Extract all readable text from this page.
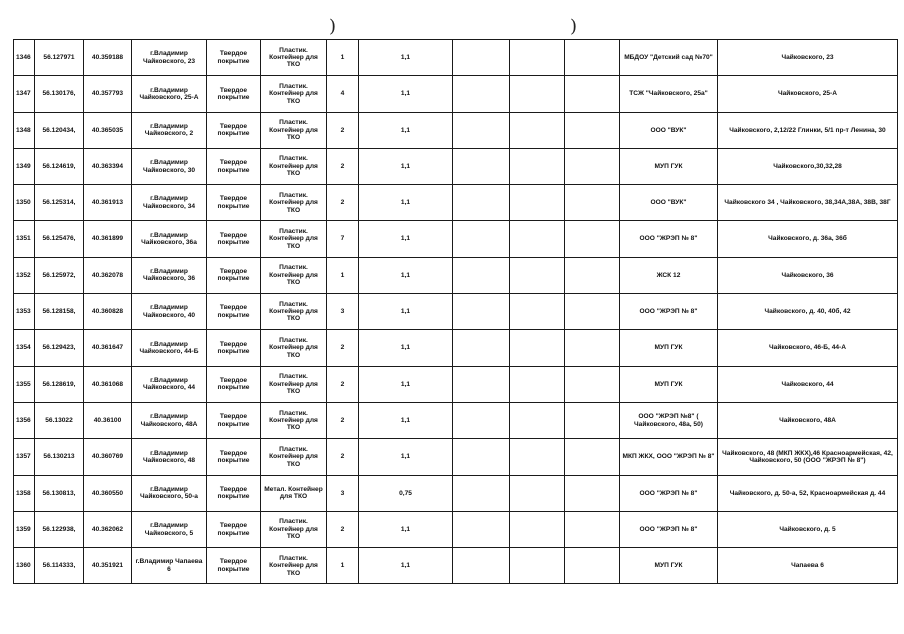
)	)
1346	56.127971	40.359188	г.Владимир Чайковского, 23	Твердое покрытие	Пластик. Контейнер для ТКО	1	1,1				МБДОУ "Детский сад №70"	Чайковского, 23
1347	56.130176,	40.357793	г.Владимир Чайковского, 25-А	Твердое покрытие	Пластик. Контейнер для ТКО	4	1,1				ТСЖ "Чайковского, 25а"	Чайковского, 25-А
1348	56.120434,	40.365035	г.Владимир Чайковского, 2	Твердое покрытие	Пластик. Контейнер для ТКО	2	1,1				ООО "ВУК"	Чайковского, 2,12/22 Глинки, 5/1 пр-т Ленина, 30
1349	56.124619,	40.363394	г.Владимир Чайковского, 30	Твердое покрытие	Пластик. Контейнер для ТКО	2	1,1				МУП ГУК	Чайковского,30,32,28
1350	56.125314,	40.361913	г.Владимир Чайковского, 34	Твердое покрытие	Пластик. Контейнер для ТКО	2	1,1				ООО "ВУК"	Чайковского 34 , Чайковского, 38,34А,38А, 38В, 38Г
1351	56.125476,	40.361899	г.Владимир Чайковского, 36а	Твердое покрытие	Пластик. Контейнер для ТКО	7	1,1				ООО "ЖРЭП № 8"	Чайковского, д. 36а, 36б
1352	56.125972,	40.362078	г.Владимир Чайковского, 36	Твердое покрытие	Пластик. Контейнер для ТКО	1	1,1				ЖСК 12	Чайковского, 36
1353	56.128158,	40.360828	г.Владимир Чайковского, 40	Твердое покрытие	Пластик. Контейнер для ТКО	3	1,1				ООО "ЖРЭП № 8"	Чайковского, д. 40, 40б, 42
1354	56.129423,	40.361647	г.Владимир Чайковского, 44-Б	Твердое покрытие	Пластик. Контейнер для ТКО	2	1,1				МУП ГУК	Чайковского, 46-Б, 44-А
1355	56.128619,	40.361068	г.Владимир Чайковского, 44	Твердое покрытие	Пластик. Контейнер для ТКО	2	1,1				МУП ГУК	Чайковского, 44
1356	56.13022	40.36100	г.Владимир Чайковского, 48А	Твердое покрытие	Пластик. Контейнер для ТКО	2	1,1				ООО "ЖРЭП №8" ( Чайковского, 48а, 50)	Чайковского, 48А
1357	56.130213	40.360769	г.Владимир Чайковского, 48	Твердое покрытие	Пластик. Контейнер для ТКО	2	1,1				МКП ЖКХ, ООО "ЖРЭП № 8"	Чайковского, 48 (МКП ЖКХ),46 Красноармейская, 42, Чайковского, 50 (ООО "ЖРЭП № 8")
1358	56.130813,	40.360550	г.Владимир Чайковского, 50-а	Твердое покрытие	Метал. Контейнер для ТКО	3	0,75				ООО "ЖРЭП № 8"	Чайковского, д. 50-а, 52, Красноармейская д. 44
1359	56.122938,	40.362062	г.Владимир Чайковского, 5	Твердое покрытие	Пластик. Контейнер для ТКО	2	1,1				ООО "ЖРЭП № 8"	Чайковского, д. 5
1360	56.114333,	40.351921	г.Владимир Чапаева 6	Твердое покрытие	Пластик. Контейнер для ТКО	1	1,1				МУП ГУК	Чапаева 6
